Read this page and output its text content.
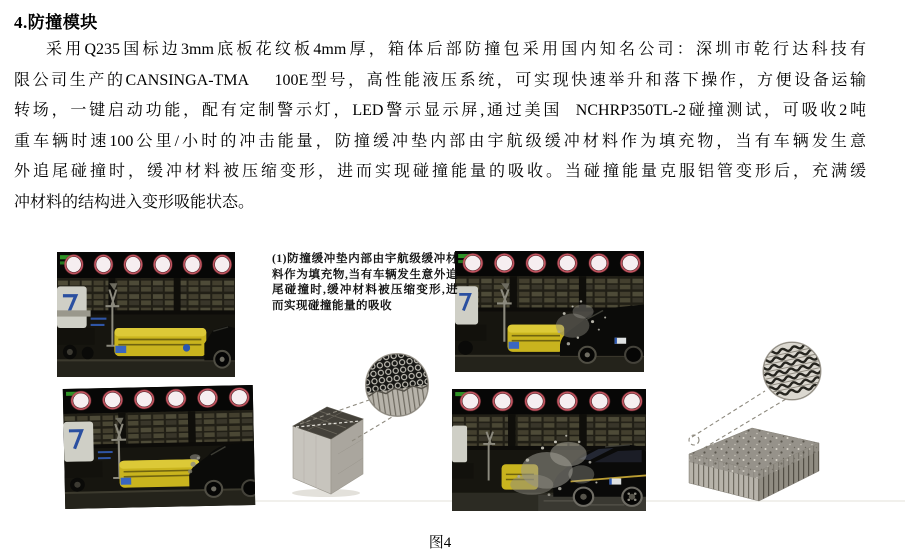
4.防撞模块
采用Q235国标边3mm底板花纹板4mm厚，箱体后部防撞包采用国内知名公司：深圳市乾行达科技有
限公司生产的CANSINGA-TMA    100E型号，高性能液压系统，可实现快速举升和落下操作，方便设备运输
转场，一键启动功能，配有定制警示灯，LED警示显示屏,通过美国  NCHRP350TL-2碰撞测试，可吸收2吨
重车辆时速100公里/小时的冲击能量，防撞缓冲垫内部由宇航级缓冲材料作为填充物，当有车辆发生意
外追尾碰撞时，缓冲材料被压缩变形，进而实现碰撞能量的吸收。当碰撞能量克服铝管变形后，充满缓
冲材料的结构进入变形吸能状态。
(1)防撞缓冲垫内部由宇航级缓冲材料作为填充物,当有车辆发生意外追尾碰撞时,缓冲材料被压缩变形,进而实现碰撞能量的吸收
图4
